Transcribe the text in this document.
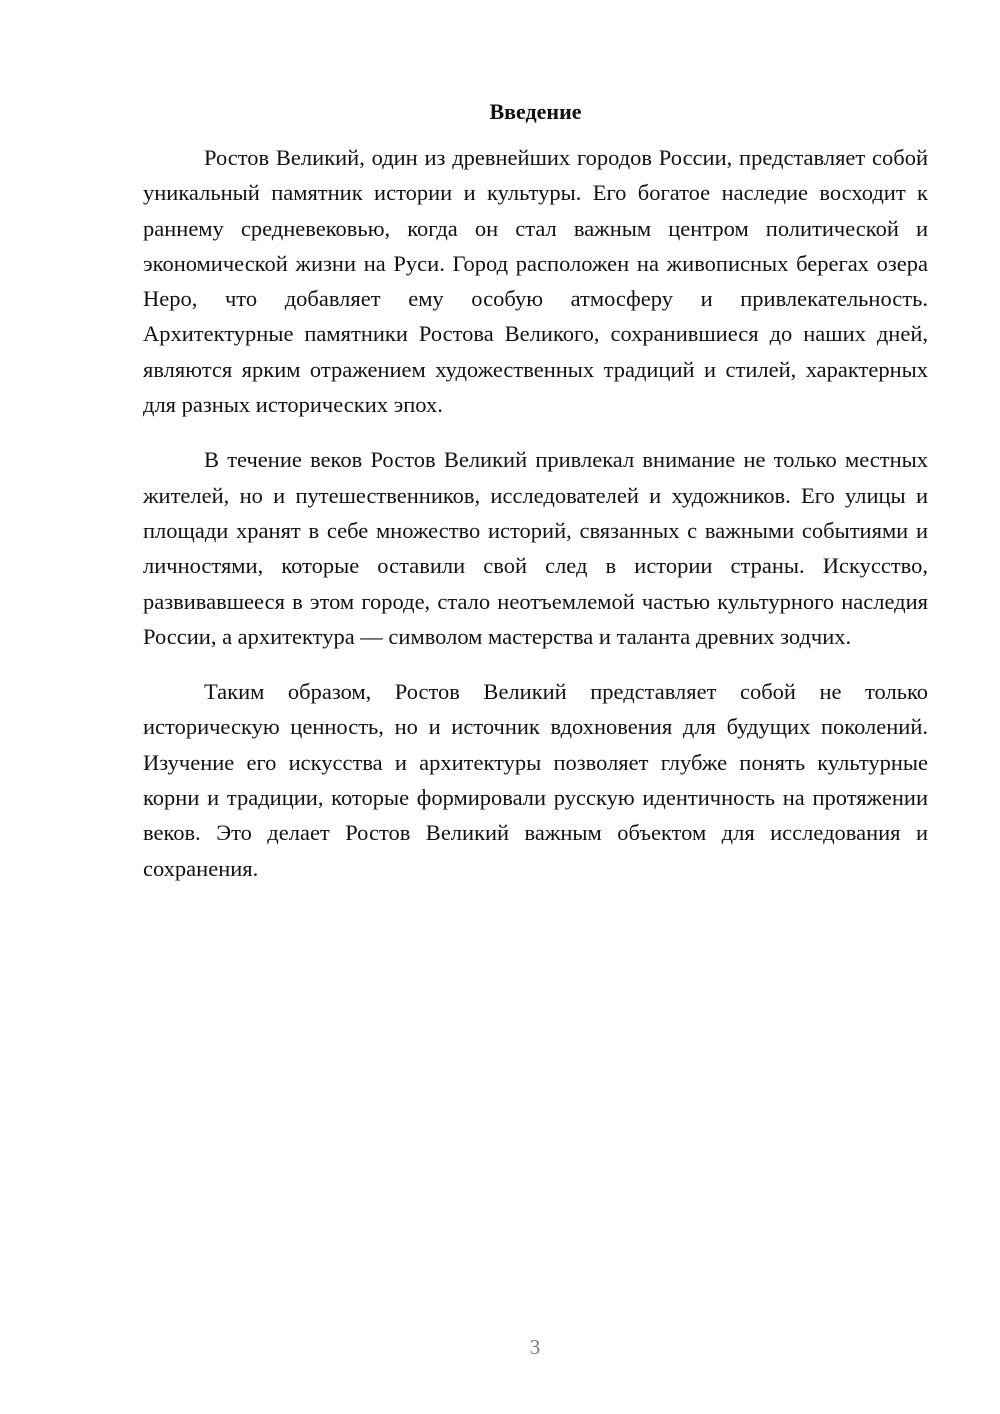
Введение

Ростов Великий, один из древнейших городов России, представляет собой уникальный памятник истории и культуры. Его богатое наследие восходит к раннему средневековью, когда он стал важным центром политической и экономической жизни на Руси. Город расположен на живописных берегах озера Неро, что добавляет ему особую атмосферу и привлекательность. Архитектурные памятники Ростова Великого, сохранившиеся до наших дней, являются ярким отражением художественных традиций и стилей, характерных для разных исторических эпох.

В течение веков Ростов Великий привлекал внимание не только местных жителей, но и путешественников, исследователей и художников. Его улицы и площади хранят в себе множество историй, связанных с важными событиями и личностями, которые оставили свой след в истории страны. Искусство, развивавшееся в этом городе, стало неотъемлемой частью культурного наследия России, а архитектура — символом мастерства и таланта древних зодчих.

Таким образом, Ростов Великий представляет собой не только историческую ценность, но и источник вдохновения для будущих поколений. Изучение его искусства и архитектуры позволяет глубже понять культурные корни и традиции, которые формировали русскую идентичность на протяжении веков. Это делает Ростов Великий важным объектом для исследования и сохранения.

3
